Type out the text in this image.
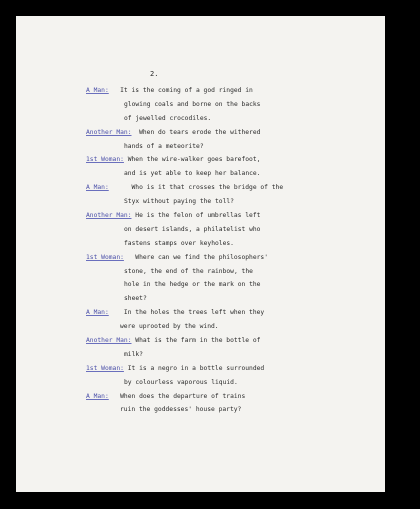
2.
A Man: It is the coming of a god ringed in
glowing coals and borne on the backs
of jewelled crocodiles.
Another Man: When do tears erode the withered
hands of a meteorite?
1st Woman: When the wire-walker goes barefoot,
and is yet able to keep her balance.
A Man:	Who is it that crosses the bridge of the
Styx without paying the toll?
Another Man: He is the felon of umbrellas left
on desert islands, a philatelist who
fastens stamps over keyholes.
1st Woman: Where can we find the philosophers'
stone, the end of the rainbow, the
hole in the hedge or the mark on the
sheet?
A Man: In the holes the trees left when they
were uprooted by the wind.
Another Man: What is the farm in the bottle of
milk?
1st Woman: It is a negro in a bottle surrounded
by colourless vaporous liquid.
A Man: When does the departure of trains
ruin the goddesses' house party?
